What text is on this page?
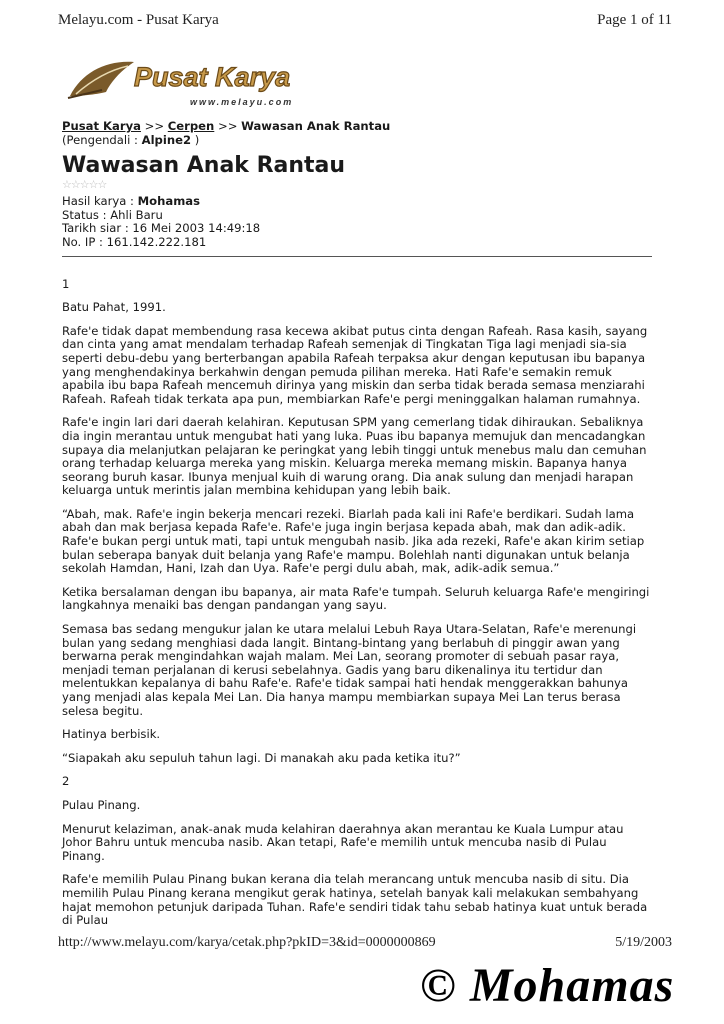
Melayu.com - Pusat Karya	Page 1 of 11
Pusat Karya
www.melayu.com
Pusat Karya >> Cerpen >> Wawasan Anak Rantau
(Pengendali : Alpine2 )
Wawasan Anak Rantau
☆☆☆☆☆
Hasil karya : Mohamas
Status : Ahli Baru
Tarikh siar : 16 Mei 2003 14:49:18
No. IP : 161.142.222.181

1

Batu Pahat, 1991.

Rafe'e tidak dapat membendung rasa kecewa akibat putus cinta dengan Rafeah. Rasa kasih, sayang dan cinta yang amat mendalam terhadap Rafeah semenjak di Tingkatan Tiga lagi menjadi sia-sia seperti debu-debu yang berterbangan apabila Rafeah terpaksa akur dengan keputusan ibu bapanya yang menghendakinya berkahwin dengan pemuda pilihan mereka. Hati Rafe'e semakin remuk apabila ibu bapa Rafeah mencemuh dirinya yang miskin dan serba tidak berada semasa menziarahi Rafeah. Rafeah tidak terkata apa pun, membiarkan Rafe'e pergi meninggalkan halaman rumahnya.

Rafe'e ingin lari dari daerah kelahiran. Keputusan SPM yang cemerlang tidak dihiraukan. Sebaliknya dia ingin merantau untuk mengubat hati yang luka. Puas ibu bapanya memujuk dan mencadangkan supaya dia melanjutkan pelajaran ke peringkat yang lebih tinggi untuk menebus malu dan cemuhan orang terhadap keluarga mereka yang miskin. Keluarga mereka memang miskin. Bapanya hanya seorang buruh kasar. Ibunya menjual kuih di warung orang. Dia anak sulung dan menjadi harapan keluarga untuk merintis jalan membina kehidupan yang lebih baik.

“Abah, mak. Rafe'e ingin bekerja mencari rezeki. Biarlah pada kali ini Rafe'e berdikari. Sudah lama abah dan mak berjasa kepada Rafe'e. Rafe'e juga ingin berjasa kepada abah, mak dan adik-adik. Rafe'e bukan pergi untuk mati, tapi untuk mengubah nasib. Jika ada rezeki, Rafe'e akan kirim setiap bulan seberapa banyak duit belanja yang Rafe'e mampu. Bolehlah nanti digunakan untuk belanja sekolah Hamdan, Hani, Izah dan Uya. Rafe'e pergi dulu abah, mak, adik-adik semua.”

Ketika bersalaman dengan ibu bapanya, air mata Rafe'e tumpah. Seluruh keluarga Rafe'e mengiringi langkahnya menaiki bas dengan pandangan yang sayu.

Semasa bas sedang mengukur jalan ke utara melalui Lebuh Raya Utara-Selatan, Rafe'e merenungi bulan yang sedang menghiasi dada langit. Bintang-bintang yang berlabuh di pinggir awan yang berwarna perak mengindahkan wajah malam. Mei Lan, seorang promoter di sebuah pasar raya, menjadi teman perjalanan di kerusi sebelahnya. Gadis yang baru dikenalinya itu tertidur dan melentukkan kepalanya di bahu Rafe'e. Rafe'e tidak sampai hati hendak menggerakkan bahunya yang menjadi alas kepala Mei Lan. Dia hanya mampu membiarkan supaya Mei Lan terus berasa selesa begitu.

Hatinya berbisik.

“Siapakah aku sepuluh tahun lagi. Di manakah aku pada ketika itu?”

2

Pulau Pinang.

Menurut kelaziman, anak-anak muda kelahiran daerahnya akan merantau ke Kuala Lumpur atau Johor Bahru untuk mencuba nasib. Akan tetapi, Rafe'e memilih untuk mencuba nasib di Pulau Pinang.

Rafe'e memilih Pulau Pinang bukan kerana dia telah merancang untuk mencuba nasib di situ. Dia memilih Pulau Pinang kerana mengikut gerak hatinya, setelah banyak kali melakukan sembahyang hajat memohon petunjuk daripada Tuhan. Rafe'e sendiri tidak tahu sebab hatinya kuat untuk berada di Pulau

http://www.melayu.com/karya/cetak.php?pkID=3&id=0000000869	5/19/2003
© Mohamas
